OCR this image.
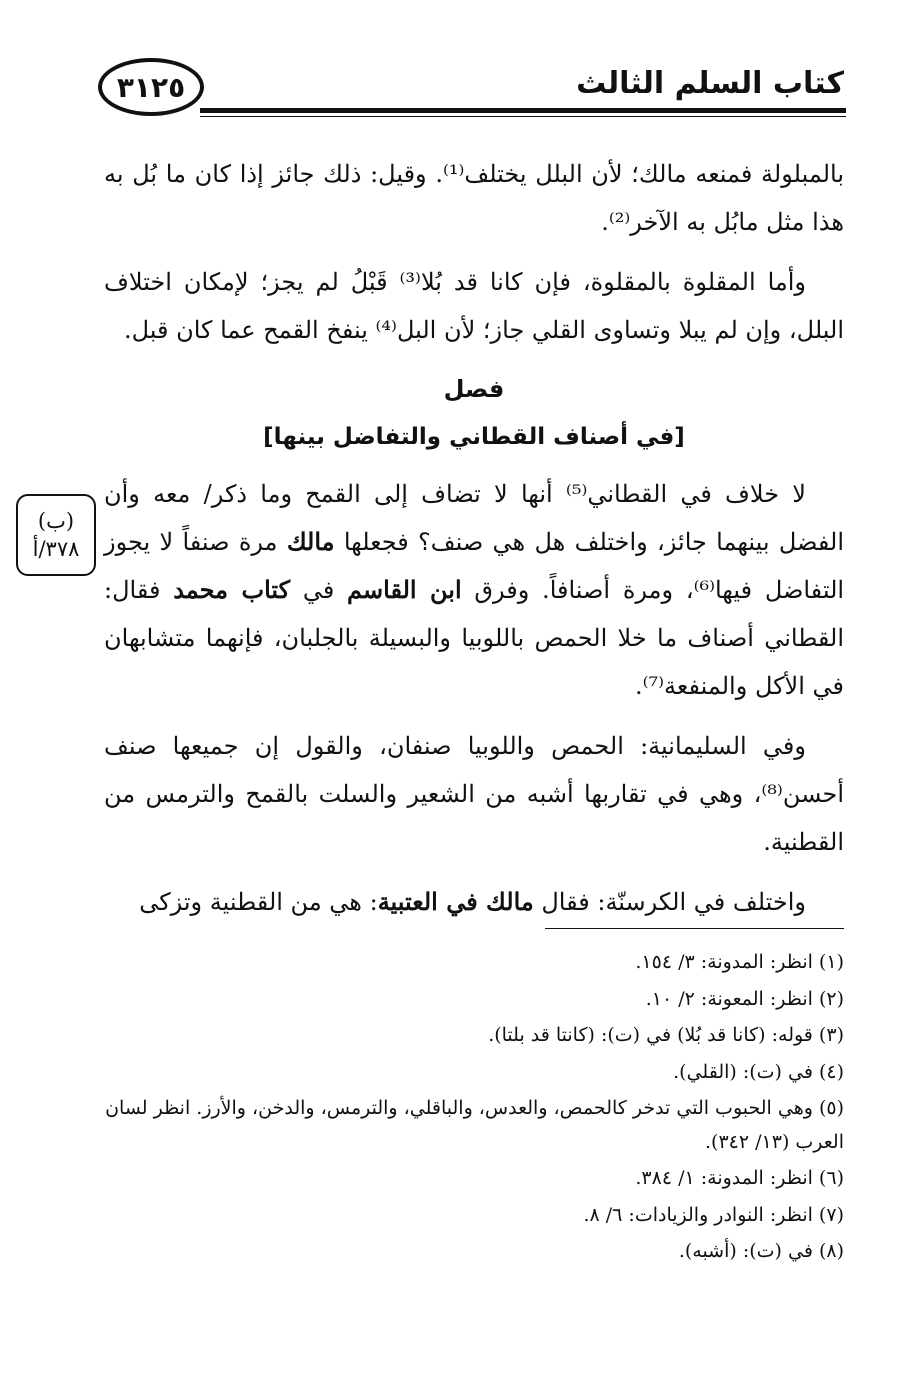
كتاب السلم الثالث
٣١٢٥
(ب)
٣٧٨/أ

بالمبلولة فمنعه مالك؛ لأن البلل يختلف⁽¹⁾. وقيل: ذلك جائز إذا كان ما بُل به هذا مثل مابُل به الآخر⁽²⁾.

وأما المقلوة بالمقلوة، فإن كانا قد بُلا⁽³⁾ قَبْلُ لم يجز؛ لإمكان اختلاف البلل، وإن لم يبلا وتساوى القلي جاز؛ لأن البل⁽⁴⁾ ينفخ القمح عما كان قبل.

فصل
[في أصناف القطاني والتفاضل بينها]

لا خلاف في القطاني⁽⁵⁾ أنها لا تضاف إلى القمح وما ذكر/ معه وأن الفضل بينهما جائز، واختلف هل هي صنف؟ فجعلها مالك مرة صنفاً لا يجوز التفاضل فيها⁽⁶⁾، ومرة أصنافاً. وفرق ابن القاسم في كتاب محمد فقال: القطاني أصناف ما خلا الحمص باللوبيا والبسيلة بالجلبان، فإنهما متشابهان في الأكل والمنفعة⁽⁷⁾.

وفي السليمانية: الحمص واللوبيا صنفان، والقول إن جميعها صنف أحسن⁽⁸⁾، وهي في تقاربها أشبه من الشعير والسلت بالقمح والترمس من القطنية.

واختلف في الكرسنّة: فقال مالك في العتبية: هي من القطنية وتزكى

(١) انظر: المدونة: ٣/ ١٥٤.
(٢) انظر: المعونة: ٢/ ١٠.
(٣) قوله: (كانا قد بُلا) في (ت): (كانتا قد بلتا).
(٤) في (ت): (القلي).
(٥) وهي الحبوب التي تدخر كالحمص، والعدس، والباقلي، والترمس، والدخن، والأرز. انظر لسان العرب (١٣/ ٣٤٢).
(٦) انظر: المدونة: ١/ ٣٨٤.
(٧) انظر: النوادر والزيادات: ٦/ ٨.
(٨) في (ت): (أشبه).
